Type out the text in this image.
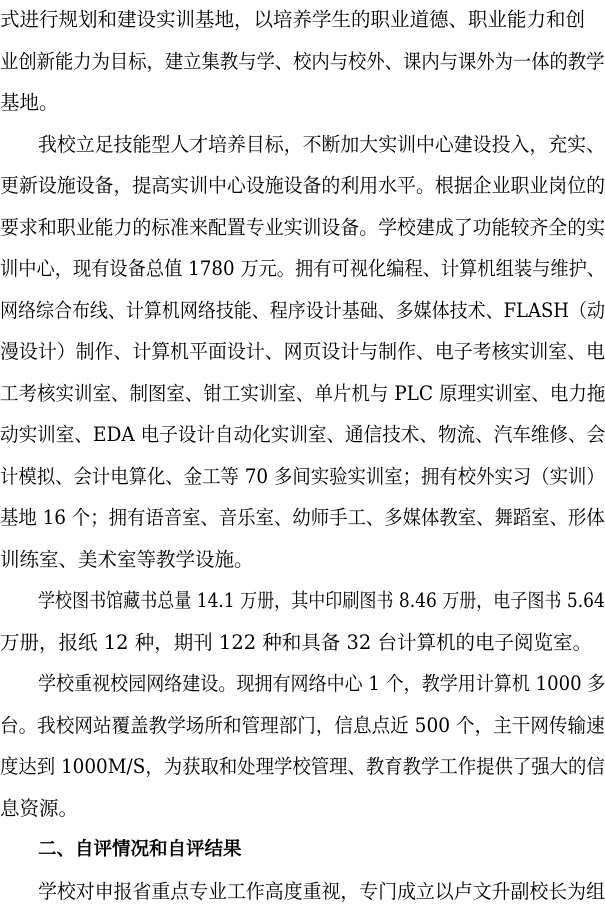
式进行规划和建设实训基地，以培养学生的职业道德、职业能力和创
业创新能力为目标，建立集教与学、校内与校外、课内与课外为一体的教学
基地。
我校立足技能型人才培养目标，不断加大实训中心建设投入，充实、
更新设施设备，提高实训中心设施设备的利用水平。根据企业职业岗位的
要求和职业能力的标准来配置专业实训设备。学校建成了功能较齐全的实
训中心，现有设备总值 1780 万元。拥有可视化编程、计算机组装与维护、
网络综合布线、计算机网络技能、程序设计基础、多媒体技术、FLASH（动
漫设计）制作、计算机平面设计、网页设计与制作、电子考核实训室、电
工考核实训室、制图室、钳工实训室、单片机与 PLC 原理实训室、电力拖
动实训室、EDA 电子设计自动化实训室、通信技术、物流、汽车维修、会
计模拟、会计电算化、金工等 70 多间实验实训室；拥有校外实习（实训）
基地 16 个；拥有语音室、音乐室、幼师手工、多媒体教室、舞蹈室、形体
训练室、美术室等教学设施。
学校图书馆藏书总量 14.1 万册，其中印刷图书 8.46 万册，电子图书 5.64
万册，报纸 12 种，期刊 122 种和具备 32 台计算机的电子阅览室。
学校重视校园网络建设。现拥有网络中心 1 个，教学用计算机 1000 多
台。我校网站覆盖教学场所和管理部门，信息点近 500 个，主干网传输速
度达到 1000M/S，为获取和处理学校管理、教育教学工作提供了强大的信
息资源。
二、自评情况和自评结果
学校对申报省重点专业工作高度重视，专门成立以卢文升副校长为组
